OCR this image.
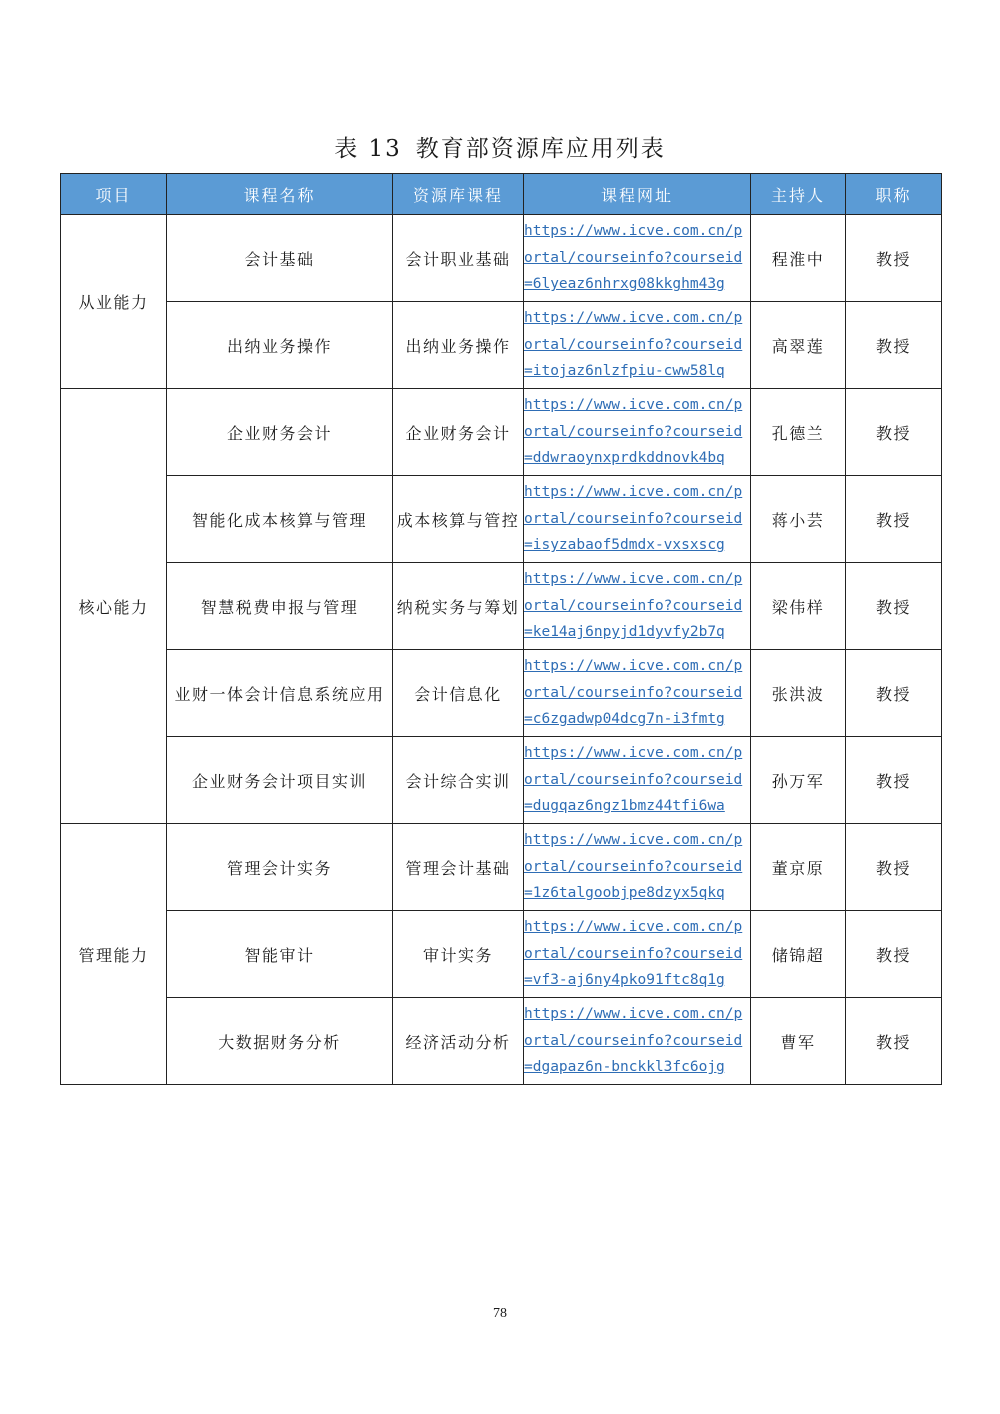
表 13 教育部资源库应用列表
项目	课程名称	资源库课程	课程网址	主持人	职称
从业能力	会计基础	会计职业基础	https://www.icve.com.cn/portal/courseinfo?courseid=6lyeaz6nhrxg08kkghm43g	程淮中	教授
	出纳业务操作	出纳业务操作	https://www.icve.com.cn/portal/courseinfo?courseid=itojaz6nlzfpiu-cww58lq	高翠莲	教授
核心能力	企业财务会计	企业财务会计	https://www.icve.com.cn/portal/courseinfo?courseid=ddwraoynxprdkddnovk4bq	孔德兰	教授
	智能化成本核算与管理	成本核算与管控	https://www.icve.com.cn/portal/courseinfo?courseid=isyzabaof5dmdx-vxsxscg	蒋小芸	教授
	智慧税费申报与管理	纳税实务与筹划	https://www.icve.com.cn/portal/courseinfo?courseid=ke14aj6npyjd1dyvfy2b7q	梁伟样	教授
	业财一体会计信息系统应用	会计信息化	https://www.icve.com.cn/portal/courseinfo?courseid=c6zgadwp04dcg7n-i3fmtg	张洪波	教授
	企业财务会计项目实训	会计综合实训	https://www.icve.com.cn/portal/courseinfo?courseid=dugqaz6ngz1bmz44tfi6wa	孙万军	教授
管理能力	管理会计实务	管理会计基础	https://www.icve.com.cn/portal/courseinfo?courseid=1z6talgoobjpe8dzyx5qkq	董京原	教授
	智能审计	审计实务	https://www.icve.com.cn/portal/courseinfo?courseid=vf3-aj6ny4pko91ftc8q1g	储锦超	教授
	大数据财务分析	经济活动分析	https://www.icve.com.cn/portal/courseinfo?courseid=dgapaz6n-bnckkl3fc6ojg	曹军	教授
78
